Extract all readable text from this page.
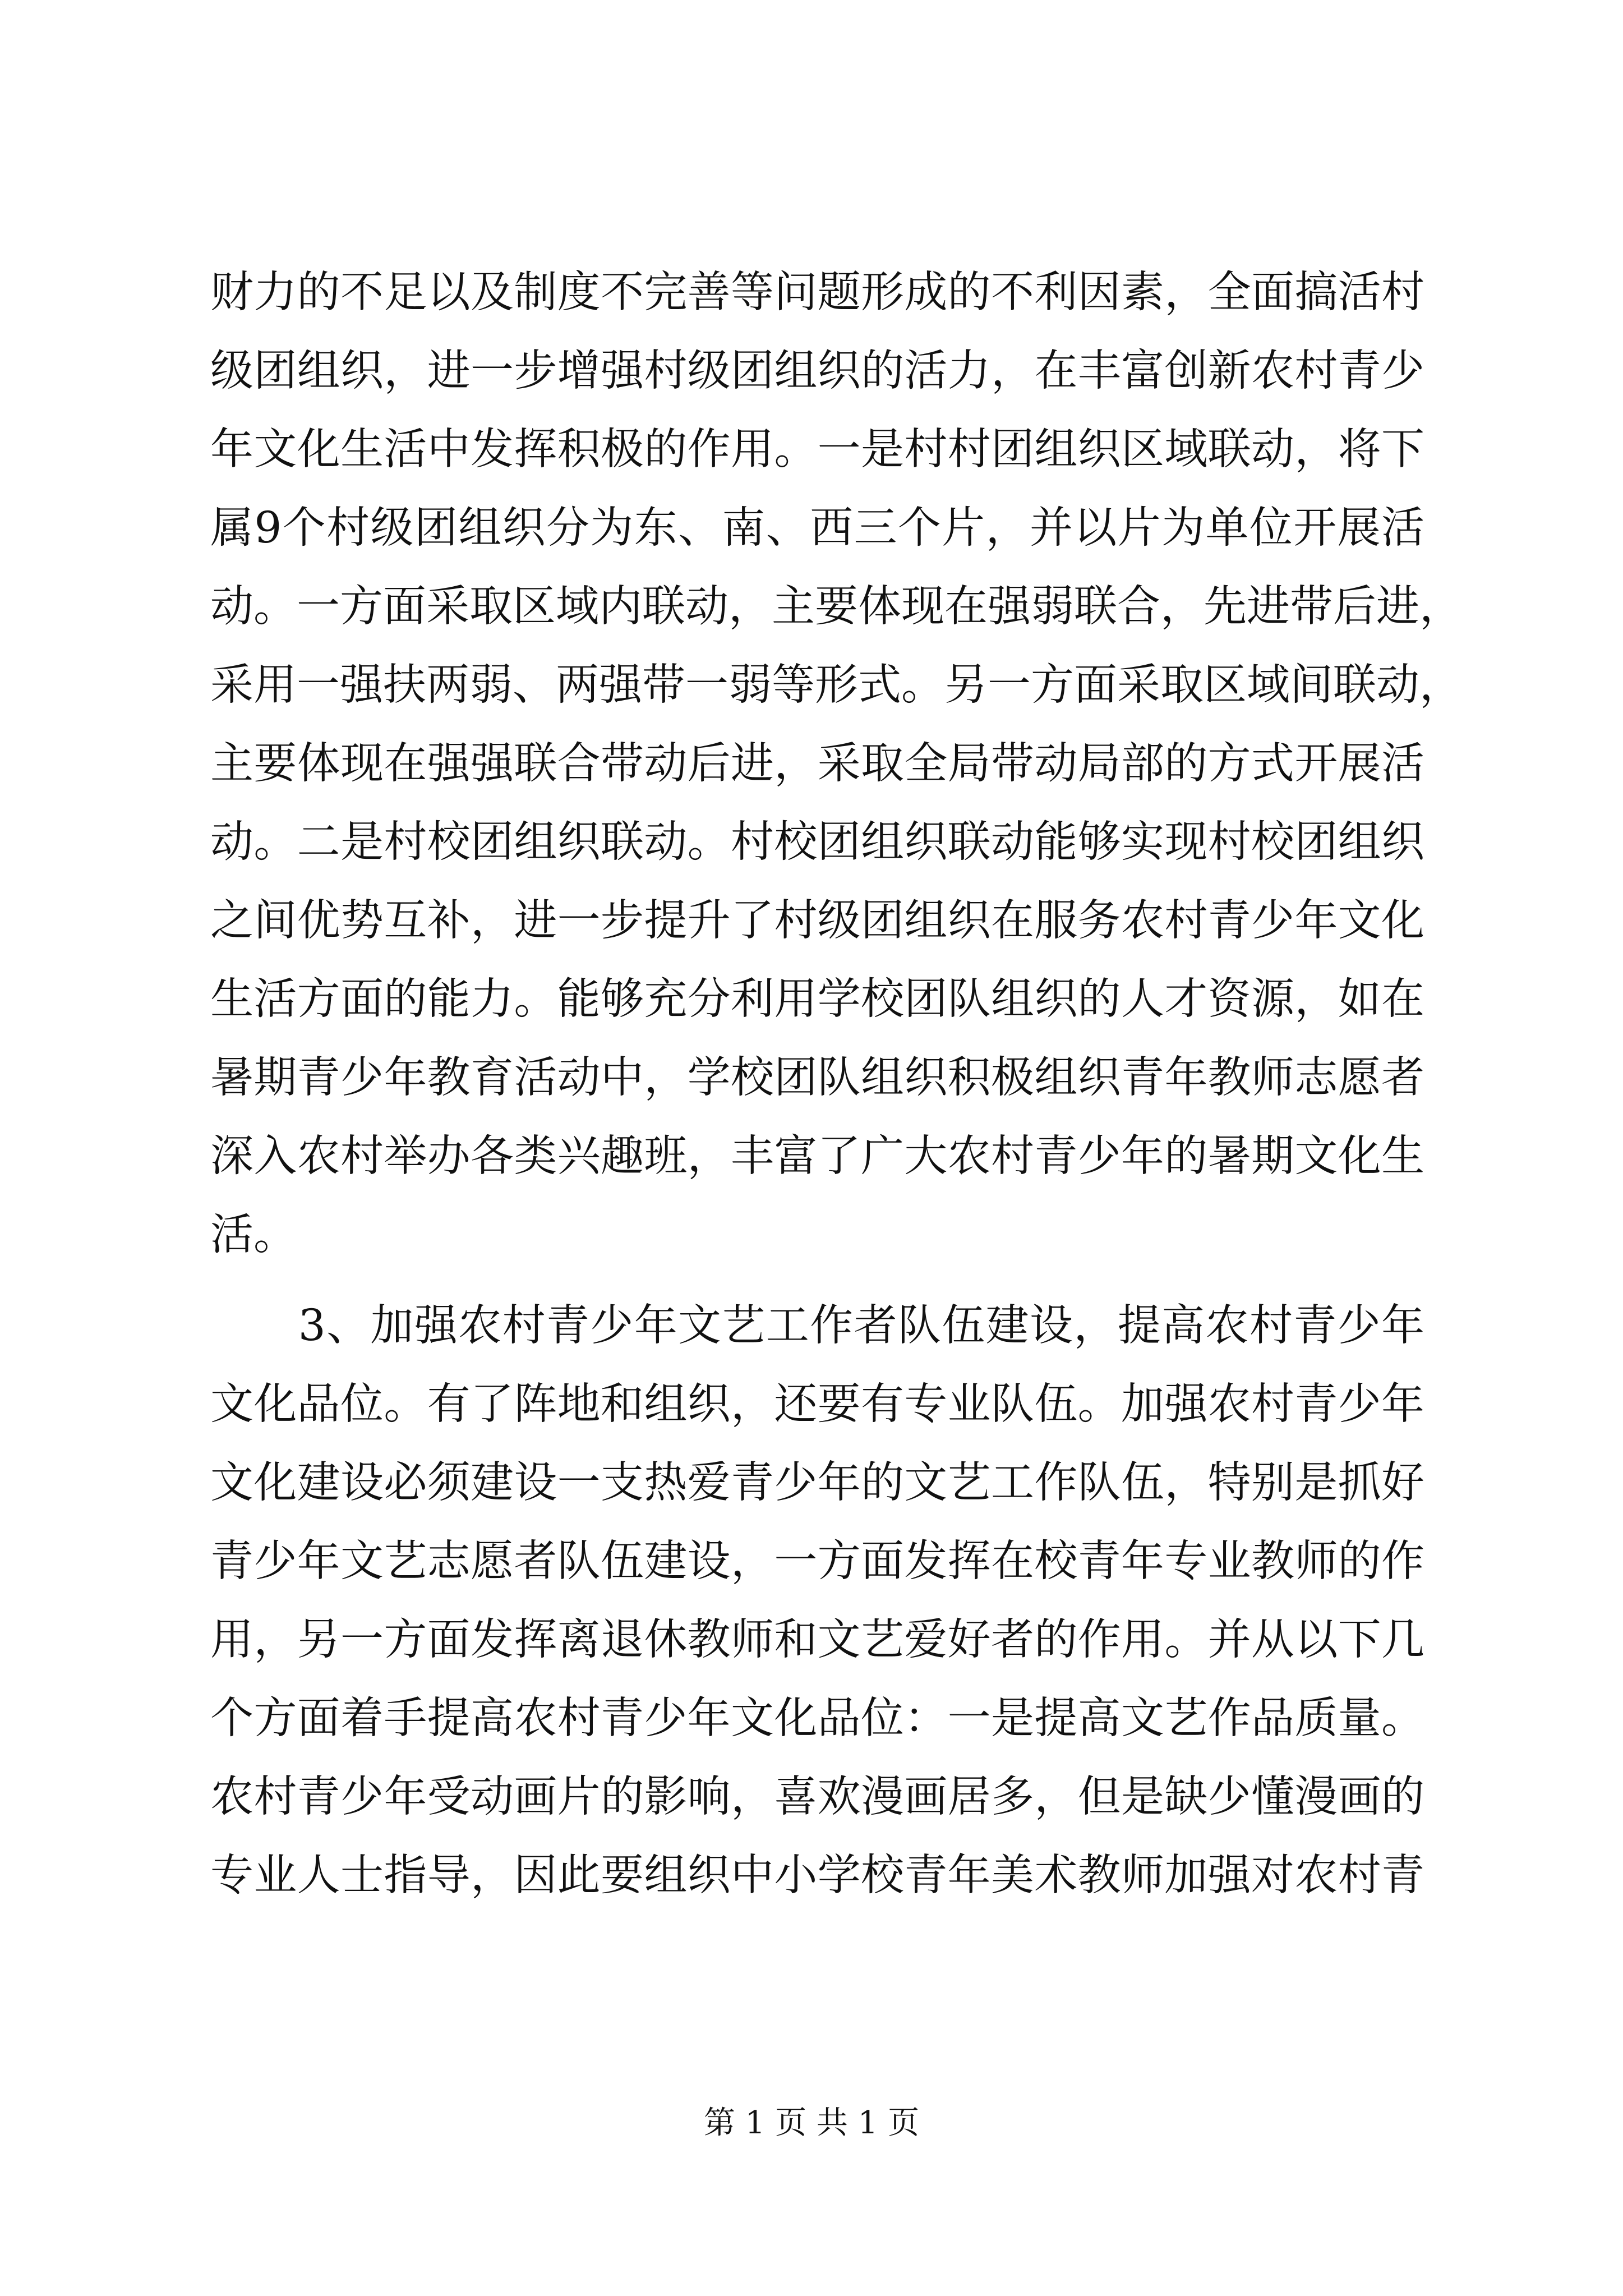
财力的不足以及制度不完善等问题形成的不利因素，全面搞活村
级团组织，进一步增强村级团组织的活力，在丰富创新农村青少
年文化生活中发挥积极的作用。一是村村团组织区域联动，将下
属9个村级团组织分为东、南、西三个片，并以片为单位开展活
动。一方面采取区域内联动，主要体现在强弱联合，先进带后进，
采用一强扶两弱、两强带一弱等形式。另一方面采取区域间联动，
主要体现在强强联合带动后进，采取全局带动局部的方式开展活
动。二是村校团组织联动。村校团组织联动能够实现村校团组织
之间优势互补，进一步提升了村级团组织在服务农村青少年文化
生活方面的能力。能够充分利用学校团队组织的人才资源，如在
暑期青少年教育活动中，学校团队组织积极组织青年教师志愿者
深入农村举办各类兴趣班，丰富了广大农村青少年的暑期文化生
活。
　　3、加强农村青少年文艺工作者队伍建设，提高农村青少年
文化品位。有了阵地和组织，还要有专业队伍。加强农村青少年
文化建设必须建设一支热爱青少年的文艺工作队伍，特别是抓好
青少年文艺志愿者队伍建设，一方面发挥在校青年专业教师的作
用，另一方面发挥离退休教师和文艺爱好者的作用。并从以下几
个方面着手提高农村青少年文化品位：一是提高文艺作品质量。
农村青少年受动画片的影响，喜欢漫画居多，但是缺少懂漫画的
专业人士指导，因此要组织中小学校青年美术教师加强对农村青
第 1 页 共 1 页
